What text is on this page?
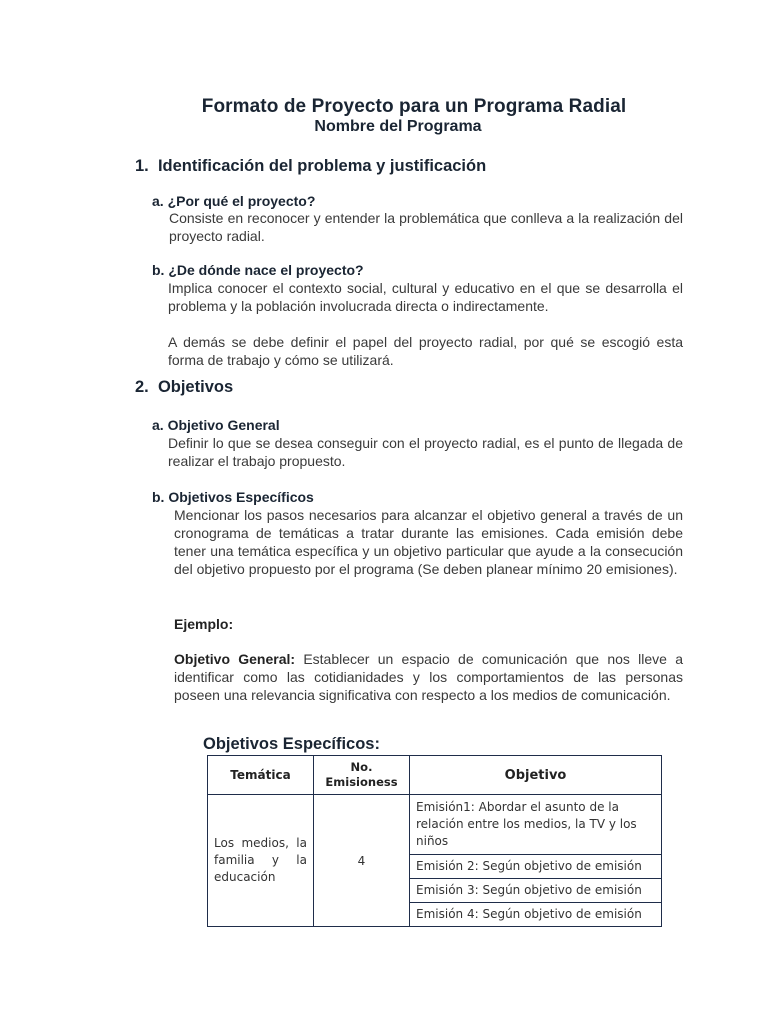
Formato de Proyecto para un Programa Radial
Nombre del Programa
1. Identificación del problema y justificación
a. ¿Por qué el proyecto?
Consiste en reconocer y entender la problemática que conlleva a la realización del proyecto radial.
b. ¿De dónde nace el proyecto?
Implica conocer el contexto social, cultural y educativo en el que se desarrolla el problema y la población involucrada directa o indirectamente.
A demás se debe definir el papel del proyecto radial, por qué se escogió esta forma de trabajo y cómo se utilizará.
2. Objetivos
a. Objetivo General
Definir lo que se desea conseguir con el proyecto radial, es el punto de llegada de realizar el trabajo propuesto.
b. Objetivos Específicos
Mencionar los pasos necesarios para alcanzar el objetivo general a través de un cronograma de temáticas a tratar durante las emisiones. Cada emisión debe tener una temática específica y un objetivo particular que ayude a la consecución del objetivo propuesto por el programa (Se deben planear mínimo 20 emisiones).
Ejemplo:
Objetivo General: Establecer un espacio de comunicación que nos lleve a identificar como las cotidianidades y los comportamientos de las personas poseen una relevancia significativa con respecto a los medios de comunicación.
Objetivos Específicos:
Temática	No. Emisioness	Objetivo
Los medios, la familia y la educación	4	Emisión1: Abordar el asunto de la relación entre los medios, la TV y los niños
		Emisión 2: Según objetivo de emisión
		Emisión 3: Según objetivo de emisión
		Emisión 4: Según objetivo de emisión
